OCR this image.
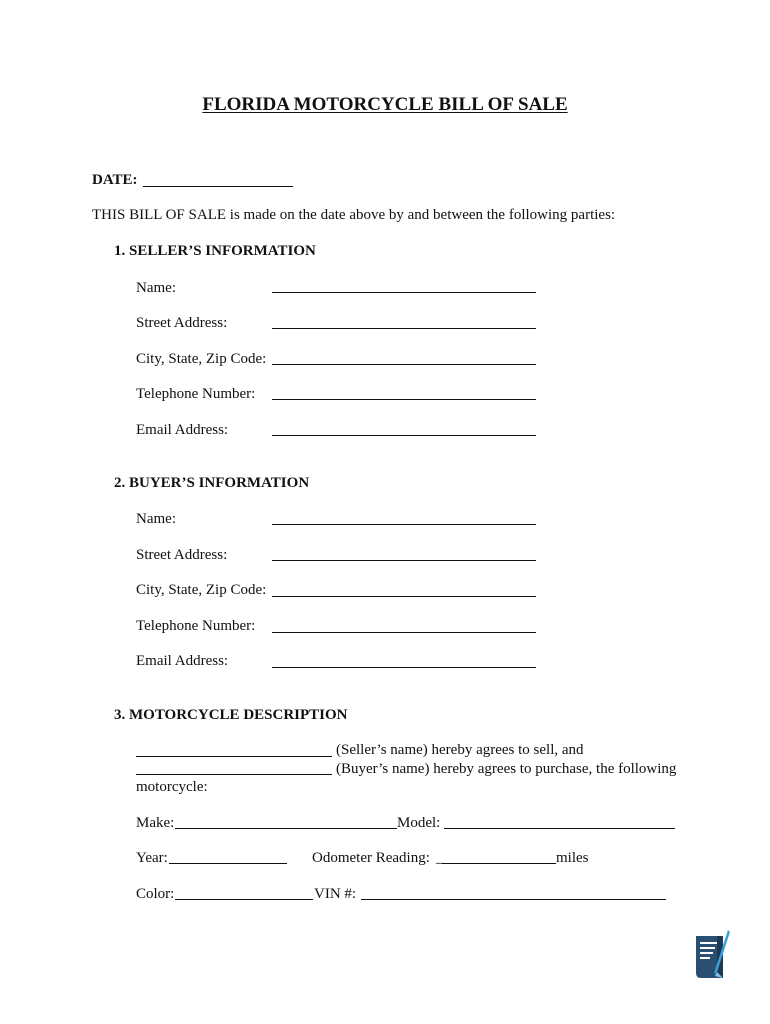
FLORIDA MOTORCYCLE BILL OF SALE
DATE:
THIS BILL OF SALE is made on the date above by and between the following parties:
1. SELLER’S INFORMATION
Name:
Street Address:
City, State, Zip Code:
Telephone Number:
Email Address:
2. BUYER’S INFORMATION
Name:
Street Address:
City, State, Zip Code:
Telephone Number:
Email Address:
3. MOTORCYCLE DESCRIPTION
(Seller’s name) hereby agrees to sell, and
(Buyer’s name) hereby agrees to purchase, the following
motorcycle:
Make:	Model:
Year:	Odometer Reading: _	miles
Color:	VIN #:
